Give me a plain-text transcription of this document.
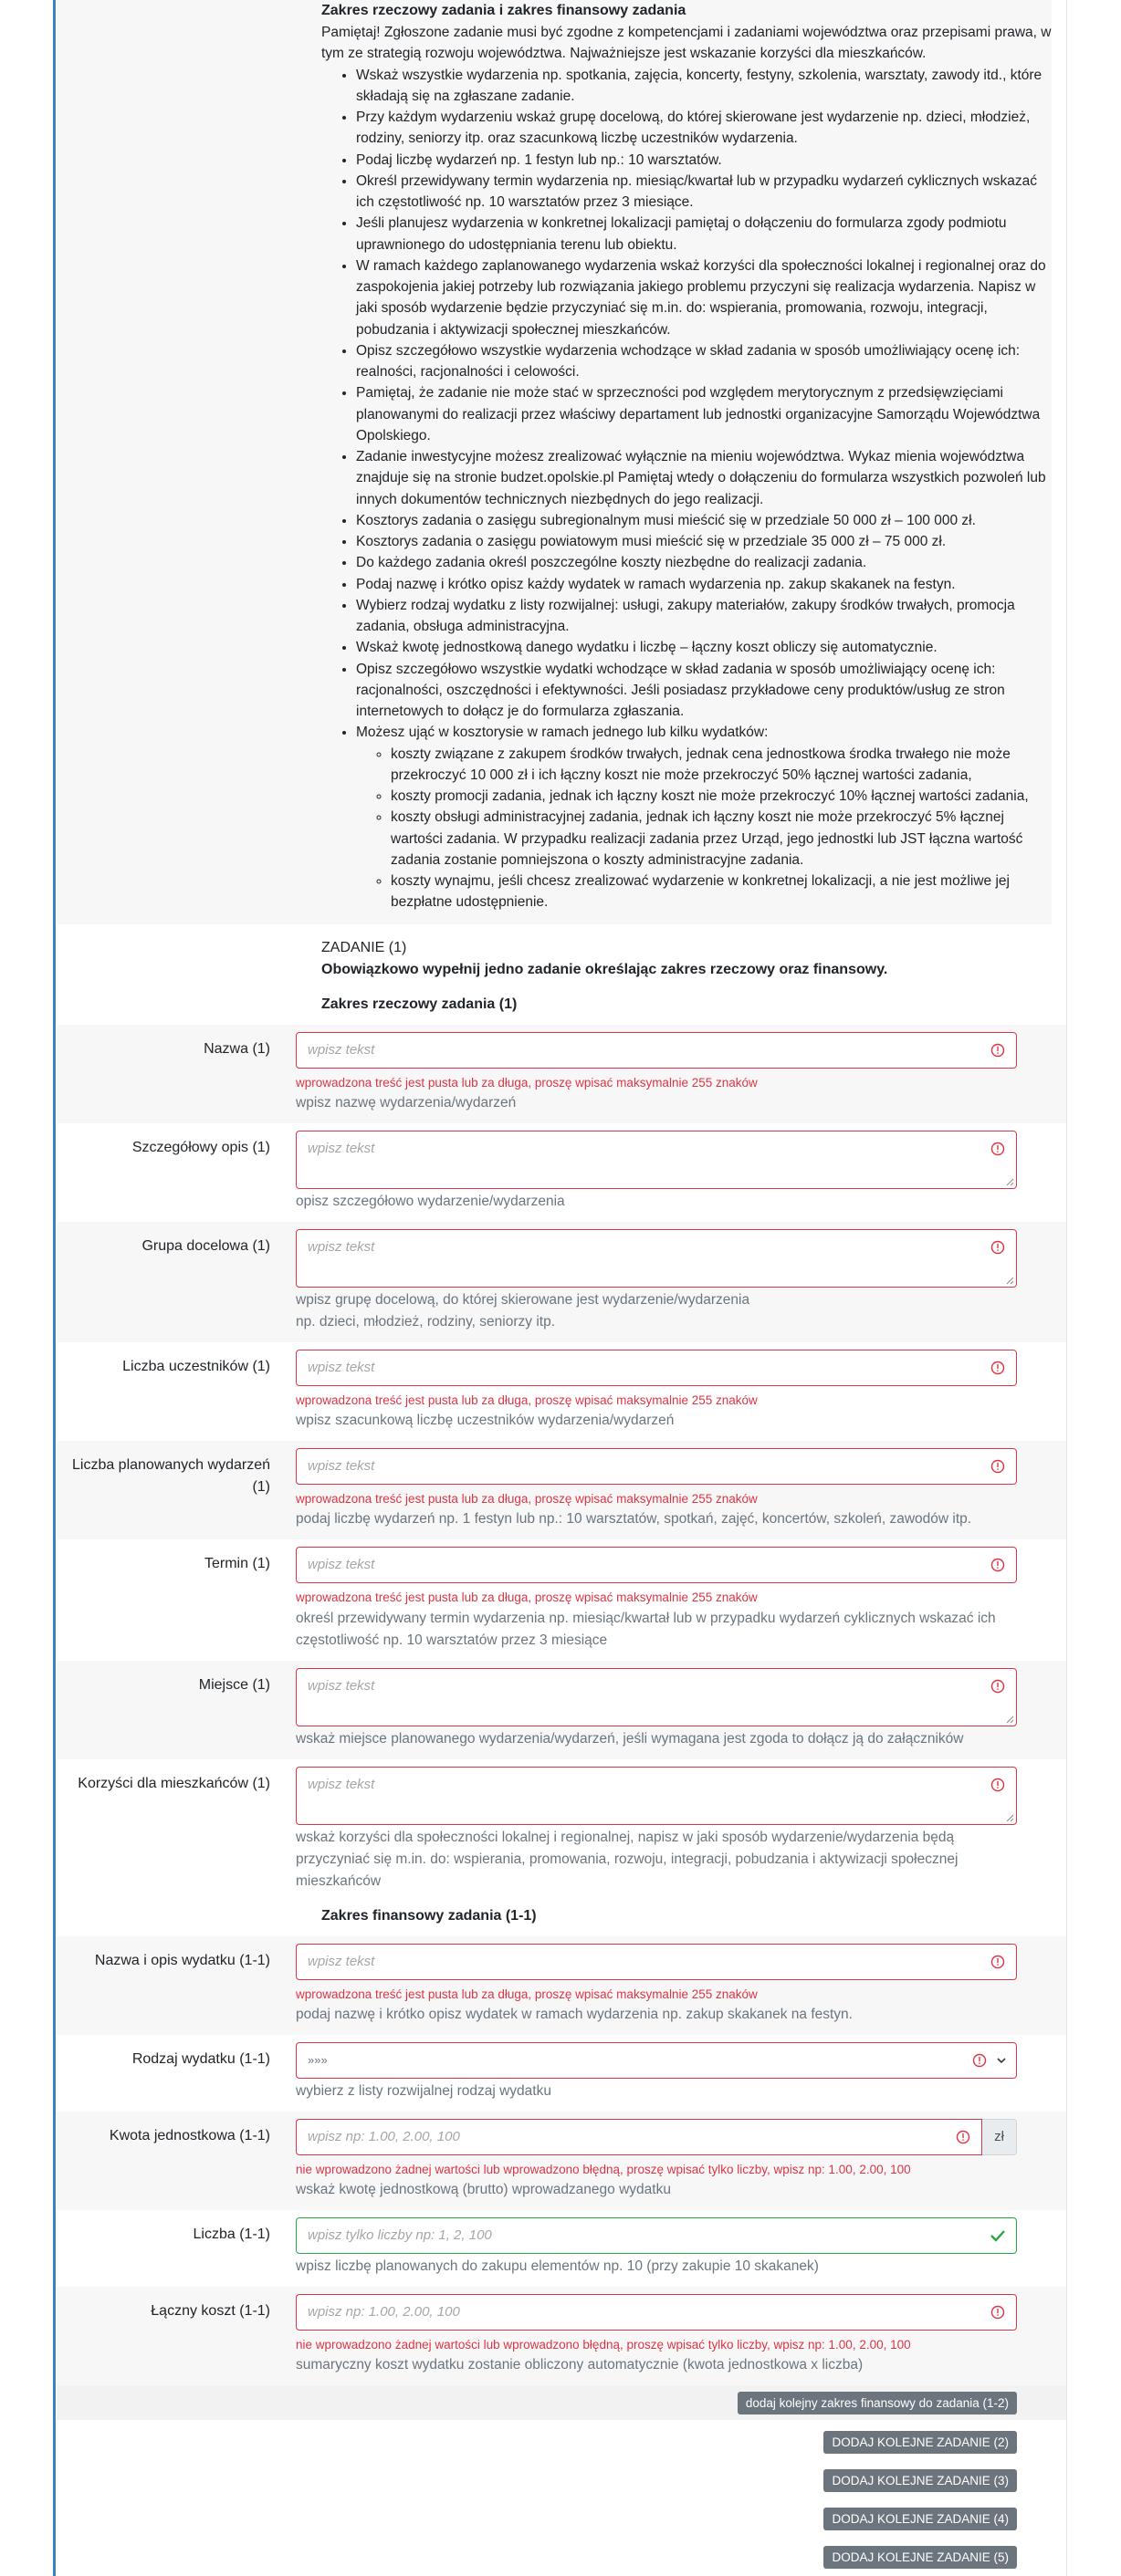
Zakres rzeczowy zadania i zakres finansowy zadania

Pamiętaj! Zgłoszone zadanie musi być zgodne z kompetencjami i zadaniami województwa oraz przepisami prawa, w tym ze strategią rozwoju województwa. Najważniejsze jest wskazanie korzyści dla mieszkańców.

• Wskaż wszystkie wydarzenia np. spotkania, zajęcia, koncerty, festyny, szkolenia, warsztaty, zawody itd., które składają się na zgłaszane zadanie.
• Przy każdym wydarzeniu wskaż grupę docelową, do której skierowane jest wydarzenie np. dzieci, młodzież, rodziny, seniorzy itp. oraz szacunkową liczbę uczestników wydarzenia.
• Podaj liczbę wydarzeń np. 1 festyn lub np.: 10 warsztatów.
• Określ przewidywany termin wydarzenia np. miesiąc/kwartał lub w przypadku wydarzeń cyklicznych wskazać ich częstotliwość np. 10 warsztatów przez 3 miesiące.
• Jeśli planujesz wydarzenia w konkretnej lokalizacji pamiętaj o dołączeniu do formularza zgody podmiotu uprawnionego do udostępniania terenu lub obiektu.
• W ramach każdego zaplanowanego wydarzenia wskaż korzyści dla społeczności lokalnej i regionalnej oraz do zaspokojenia jakiej potrzeby lub rozwiązania jakiego problemu przyczyni się realizacja wydarzenia. Napisz w jaki sposób wydarzenie będzie przyczyniać się m.in. do: wspierania, promowania, rozwoju, integracji, pobudzania i aktywizacji społecznej mieszkańców.
• Opisz szczegółowo wszystkie wydarzenia wchodzące w skład zadania w sposób umożliwiający ocenę ich: realności, racjonalności i celowości.
• Pamiętaj, że zadanie nie może stać w sprzeczności pod względem merytorycznym z przedsięwzięciami planowanymi do realizacji przez właściwy departament lub jednostki organizacyjne Samorządu Województwa Opolskiego.
• Zadanie inwestycyjne możesz zrealizować wyłącznie na mieniu województwa. Wykaz mienia województwa znajduje się na stronie budzet.opolskie.pl Pamiętaj wtedy o dołączeniu do formularza wszystkich pozwoleń lub innych dokumentów technicznych niezbędnych do jego realizacji.
• Kosztorys zadania o zasięgu subregionalnym musi mieścić się w przedziale 50 000 zł – 100 000 zł.
• Kosztorys zadania o zasięgu powiatowym musi mieścić się w przedziale 35 000 zł – 75 000 zł.
• Do każdego zadania określ poszczególne koszty niezbędne do realizacji zadania.
• Podaj nazwę i krótko opisz każdy wydatek w ramach wydarzenia np. zakup skakanek na festyn.
• Wybierz rodzaj wydatku z listy rozwijalnej: usługi, zakupy materiałów, zakupy środków trwałych, promocja zadania, obsługa administracyjna.
• Wskaż kwotę jednostkową danego wydatku i liczbę – łączny koszt obliczy się automatycznie.
• Opisz szczegółowo wszystkie wydatki wchodzące w skład zadania w sposób umożliwiający ocenę ich: racjonalności, oszczędności i efektywności. Jeśli posiadasz przykładowe ceny produktów/usług ze stron internetowych to dołącz je do formularza zgłaszania.
• Możesz ująć w kosztorysie w ramach jednego lub kilku wydatków:
◦ koszty związane z zakupem środków trwałych, jednak cena jednostkowa środka trwałego nie może przekroczyć 10 000 zł i ich łączny koszt nie może przekroczyć 50% łącznej wartości zadania,
◦ koszty promocji zadania, jednak ich łączny koszt nie może przekroczyć 10% łącznej wartości zadania,
◦ koszty obsługi administracyjnej zadania, jednak ich łączny koszt nie może przekroczyć 5% łącznej wartości zadania. W przypadku realizacji zadania przez Urząd, jego jednostki lub JST łączna wartość zadania zostanie pomniejszona o koszty administracyjne zadania.
◦ koszty wynajmu, jeśli chcesz zrealizować wydarzenie w konkretnej lokalizacji, a nie jest możliwe jej bezpłatne udostępnienie.
ZADANIE (1)
Obowiązkowo wypełnij jedno zadanie określając zakres rzeczowy oraz finansowy.
Zakres rzeczowy zadania (1)
Nazwa (1)	wpisz tekst
wprowadzona treść jest pusta lub za długa, proszę wpisać maksymalnie 255 znaków
wpisz nazwę wydarzenia/wydarzeń
Szczegółowy opis (1)	wpisz tekst
opisz szczegółowo wydarzenie/wydarzenia
Grupa docelowa (1)	wpisz tekst
wpisz grupę docelową, do której skierowane jest wydarzenie/wydarzenia
np. dzieci, młodzież, rodziny, seniorzy itp.
Liczba uczestników (1)	wpisz tekst
wprowadzona treść jest pusta lub za długa, proszę wpisać maksymalnie 255 znaków
wpisz szacunkową liczbę uczestników wydarzenia/wydarzeń
Liczba planowanych wydarzeń (1)
wpisz tekst
wprowadzona treść jest pusta lub za długa, proszę wpisać maksymalnie 255 znaków
podaj liczbę wydarzeń np. 1 festyn lub np.: 10 warsztatów, spotkań, zajęć, koncertów, szkoleń, zawodów itp.
Termin (1)	wpisz tekst
wprowadzona treść jest pusta lub za długa, proszę wpisać maksymalnie 255 znaków
określ przewidywany termin wydarzenia np. miesiąc/kwartał lub w przypadku wydarzeń cyklicznych wskazać ich częstotliwość np. 10 warsztatów przez 3 miesiące
Miejsce (1)	wpisz tekst
wskaż miejsce planowanego wydarzenia/wydarzeń, jeśli wymagana jest zgoda to dołącz ją do załączników
Korzyści dla mieszkańców (1)	wpisz tekst
wskaż korzyści dla społeczności lokalnej i regionalnej, napisz w jaki sposób wydarzenie/wydarzenia będą przyczyniać się m.in. do: wspierania, promowania, rozwoju, integracji, pobudzania i aktywizacji społecznej mieszkańców
Zakres finansowy zadania (1-1)
Nazwa i opis wydatku (1-1)	wpisz tekst
wprowadzona treść jest pusta lub za długa, proszę wpisać maksymalnie 255 znaków
podaj nazwę i krótko opisz wydatek w ramach wydarzenia np. zakup skakanek na festyn.
Rodzaj wydatku (1-1)	»»»
wybierz z listy rozwijalnej rodzaj wydatku
Kwota jednostkowa (1-1)	wpisz np: 1.00, 2.00, 100	zł
nie wprowadzono żadnej wartości lub wprowadzono błędną, proszę wpisać tylko liczby, wpisz np: 1.00, 2.00, 100
wskaż kwotę jednostkową (brutto) wprowadzanego wydatku
Liczba (1-1)	wpisz tylko liczby np: 1, 2, 100
wpisz liczbę planowanych do zakupu elementów np. 10 (przy zakupie 10 skakanek)
Łączny koszt (1-1)	wpisz np: 1.00, 2.00, 100
nie wprowadzono żadnej wartości lub wprowadzono błędną, proszę wpisać tylko liczby, wpisz np: 1.00, 2.00, 100
sumaryczny koszt wydatku zostanie obliczony automatycznie (kwota jednostkowa x liczba)
dodaj kolejny zakres finansowy do zadania (1-2)
DODAJ KOLEJNE ZADANIE (2)
DODAJ KOLEJNE ZADANIE (3)
DODAJ KOLEJNE ZADANIE (4)
DODAJ KOLEJNE ZADANIE (5)
